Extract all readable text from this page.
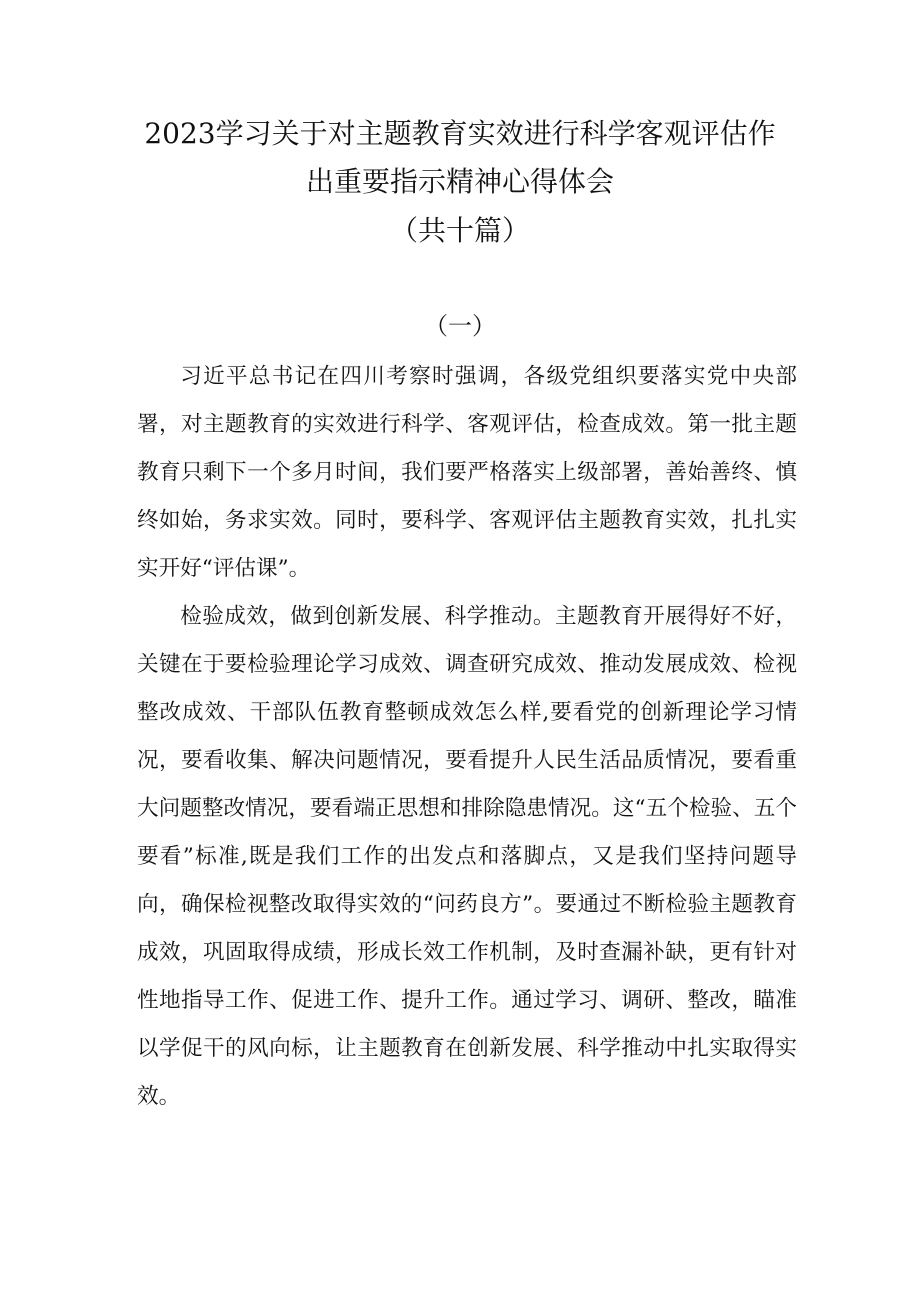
2023学习关于对主题教育实效进行科学客观评估作
出重要指示精神心得体会
（共十篇）
（一）

习近平总书记在四川考察时强调，各级党组织要落实党中央部署，对主题教育的实效进行科学、客观评估，检查成效。第一批主题教育只剩下一个多月时间，我们要严格落实上级部署，善始善终、慎终如始，务求实效。同时，要科学、客观评估主题教育实效，扎扎实实开好“评估课”。

检验成效，做到创新发展、科学推动。主题教育开展得好不好，关键在于要检验理论学习成效、调查研究成效、推动发展成效、检视整改成效、干部队伍教育整顿成效怎么样,要看党的创新理论学习情况，要看收集、解决问题情况，要看提升人民生活品质情况，要看重大问题整改情况，要看端正思想和排除隐患情况。这“五个检验、五个要看”标准,既是我们工作的出发点和落脚点，又是我们坚持问题导向，确保检视整改取得实效的“问药良方”。要通过不断检验主题教育成效，巩固取得成绩，形成长效工作机制，及时查漏补缺，更有针对性地指导工作、促进工作、提升工作。通过学习、调研、整改，瞄准以学促干的风向标，让主题教育在创新发展、科学推动中扎实取得实效。
